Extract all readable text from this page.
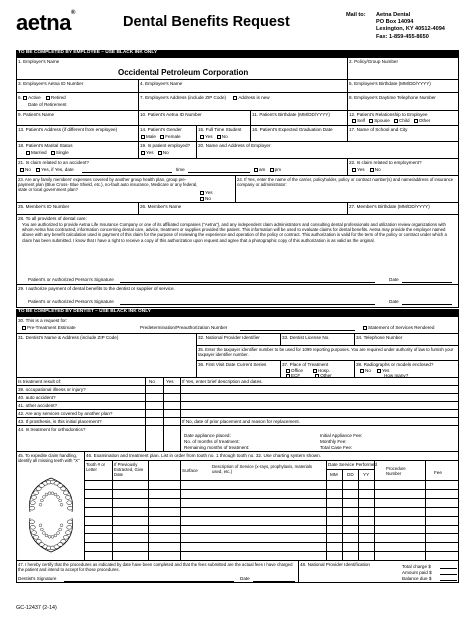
aetna®
Dental Benefits Request	Mail to: Aetna Dental
PO Box 14094
Lexington, KY 40512-4094
Fax: 1-859-455-8650
TO BE COMPLETED BY EMPLOYEE – USE BLACK INK ONLY
1. Employer's Name
Occidental Petroleum Corporation
2. Policy/Group Number
3. Employee's Aetna ID Number	4. Employee's Name	5. Employee's Birthdate (MM/DD/YYYY)
6. Active Retired
Date of Retirement
7. Employee's Address (include ZIP Code)	Address is new	8. Employee's Daytime Telephone Number
9. Patient's Name	10. Patient's Aetna ID Number	11. Patient's Birthdate (MM/DD/YYYY)	12. Patient's Relationship to Employee
Self Spouse Child Other
13. Patient's Address (if different from employee)	14. Patient's Gender
Male Female
15. Full Time Student
Yes No
16. Patient's Expected Graduation Date	17. Name of School and City
18. Patient's Marital Status
Married Single
19. Is patient employed?
Yes No
20. Name and Address of Employer
21. Is claim related to an accident?
No Yes, if Yes, date	time	am pm
22. Is claim related to employment?
Yes No
23. Are any family members' expenses covered by another group health plan, group pre-payment plan (Blue Cross- Blue Shield, etc.), no-fault auto insurance, Medicare or any federal, state or local government plan?
Yes
No
24. If Yes, enter the name of the carrier, policyholder, policy or contract number(s) and name/address of insurance company or administrator:
25. Member's ID Number	26. Member's Name	27. Member's Birthdate (MM/DD/YYYY)
28. To all providers of dental care:
You are authorized to provide Aetna Life Insurance Company or one of its affiliated companies ("Aetna"), and any independent claim administrators and consulting dental professionals and utilization review organizations with whom Aetna has contracted, information concerning dental care, advice, treatment or supplies provided the patient. This information will be used to evaluate claims for dental benefits. Aetna may provide the employer named above with any benefit calculation used in payment of this claim for the purpose of reviewing the experience and operation of the policy or contract. This authorization is valid for the term of the policy or contract under which a claim has been submitted. I know that I have a right to receive a copy of this authorization upon request and agree that a photographic copy of this authorization is as valid as the original.
Patient's or Authorized Person's Signature	Date
29. I authorize payment of dental benefits to the dentist or supplier of service.
Patient's or Authorized Person's Signature	Date
TO BE COMPLETED BY DENTIST – USE BLACK INK ONLY
30. This is a request for:
Pre-Treatment Estimate	Predetermination/Preauthorization Number	Statement of Services Rendered
31. Dentist's Name & Address (include ZIP Code)	32. National Provider Identifier	33. Dentist License No.	34. Telephone Number
35. Enter the taxpayer identifier number to be used for 1099 reporting purposes. You are required under authority of law to furnish your taxpayer identifier number.
36. First Visit Date Current Series	37. Place of Treatment
Office	Hosp.
ECF	Other
38. Radiographs or models enclosed?
No Yes
How many?
Is treatment result of:	No Yes If Yes, enter brief description and dates.
39. occupational illness or injury?
40. auto accident?
41. other accident?
42. Are any services covered by another plan?
43. If prosthesis, is this initial placement?	If No, date of prior placement and reason for replacement.
44. Is treatment for orthodontics?
Date appliance placed:
No. of months of treatment:
Remaining months of treatment:
Initial Appliance Fee:
Monthly Fee:
Total Case Fee:
45. To expedite claim handling, identify all missing teeth with "X"
46. Examination and treatment plan. List in order from tooth no. 1 through tooth no. 32. Use charting system shown.
Tooth # or Letter
If Previously Extracted, Give Date
Surface
Description of Service (x-rays, prophylaxis, materials used, etc.)
Date Service Performed
MM DD YY
Procedure Number	Fee
47. I hereby certify that the procedures as indicated by date have been completed and that the fees submitted are the actual fees I have charged the patient and intend to accept for those procedures.
Dentist's Signature	Date
48. National Provider Identification	Total charge $
Amount paid $
Balance due $
GC-12437 (2-14)
